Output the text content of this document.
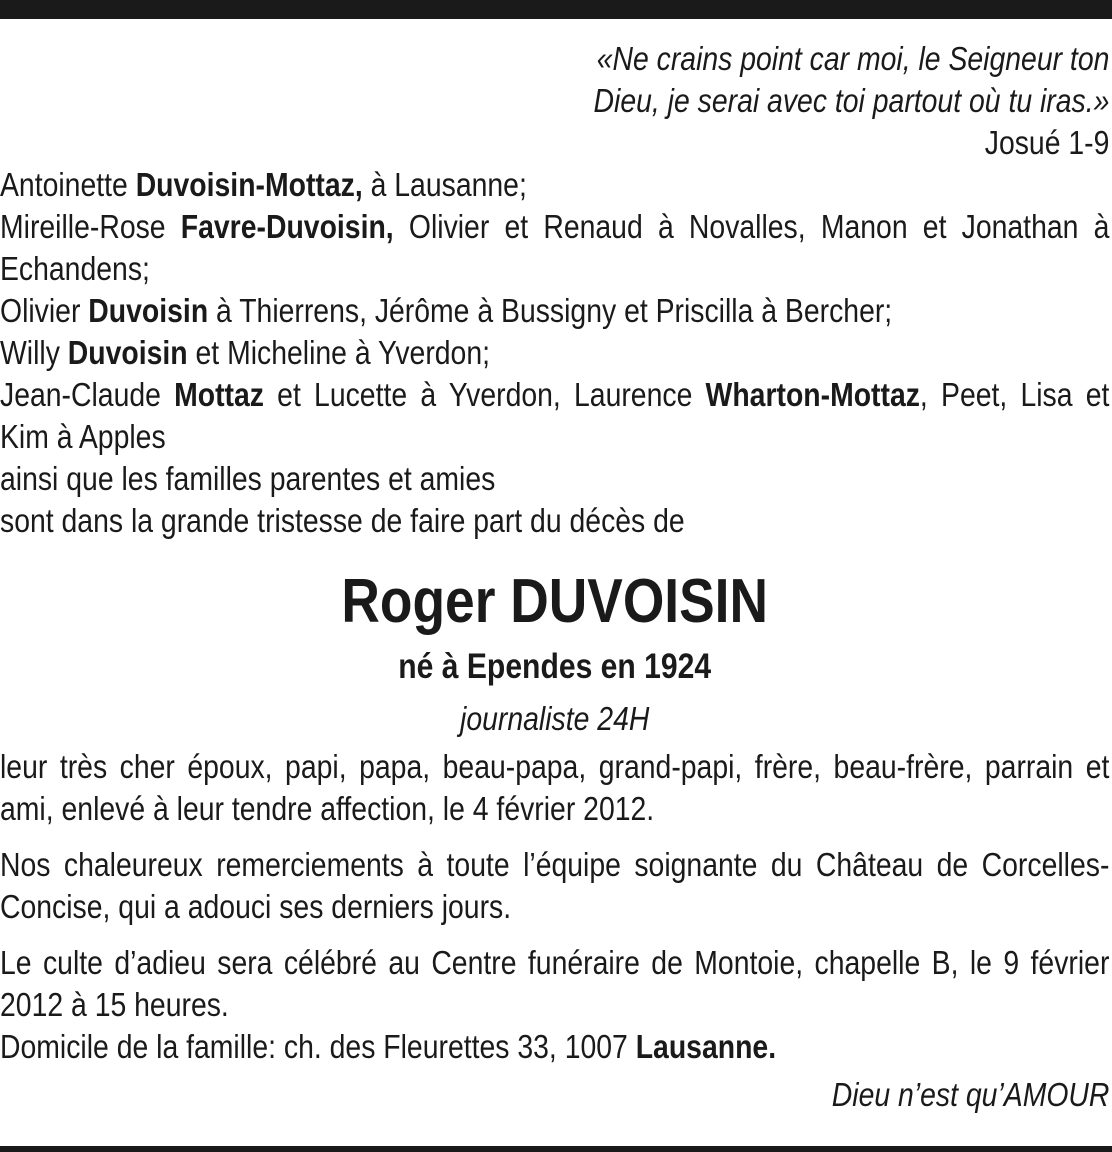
«Ne crains point car moi, le Seigneur ton
Dieu, je serai avec toi partout où tu iras.»
Josué 1-9
Antoinette Duvoisin-Mottaz, à Lausanne;
Mireille-Rose Favre-Duvoisin, Olivier et Renaud à Novalles, Manon et Jonathan à Echandens;
Olivier Duvoisin à Thierrens, Jérôme à Bussigny et Priscilla à Bercher;
Willy Duvoisin et Micheline à Yverdon;
Jean-Claude Mottaz et Lucette à Yverdon, Laurence Wharton-Mottaz, Peet, Lisa et Kim à Apples
ainsi que les familles parentes et amies
sont dans la grande tristesse de faire part du décès de
Roger DUVOISIN
né à Ependes en 1924
journaliste 24H
leur très cher époux, papi, papa, beau-papa, grand-papi, frère, beau-frère, parrain et ami, enlevé à leur tendre affection, le 4 février 2012.
Nos chaleureux remerciements à toute l’équipe soignante du Château de Corcelles-Concise, qui a adouci ses derniers jours.
Le culte d’adieu sera célébré au Centre funéraire de Montoie, chapelle B, le 9 février 2012 à 15 heures.
Domicile de la famille: ch. des Fleurettes 33, 1007 Lausanne.
Dieu n’est qu’AMOUR
